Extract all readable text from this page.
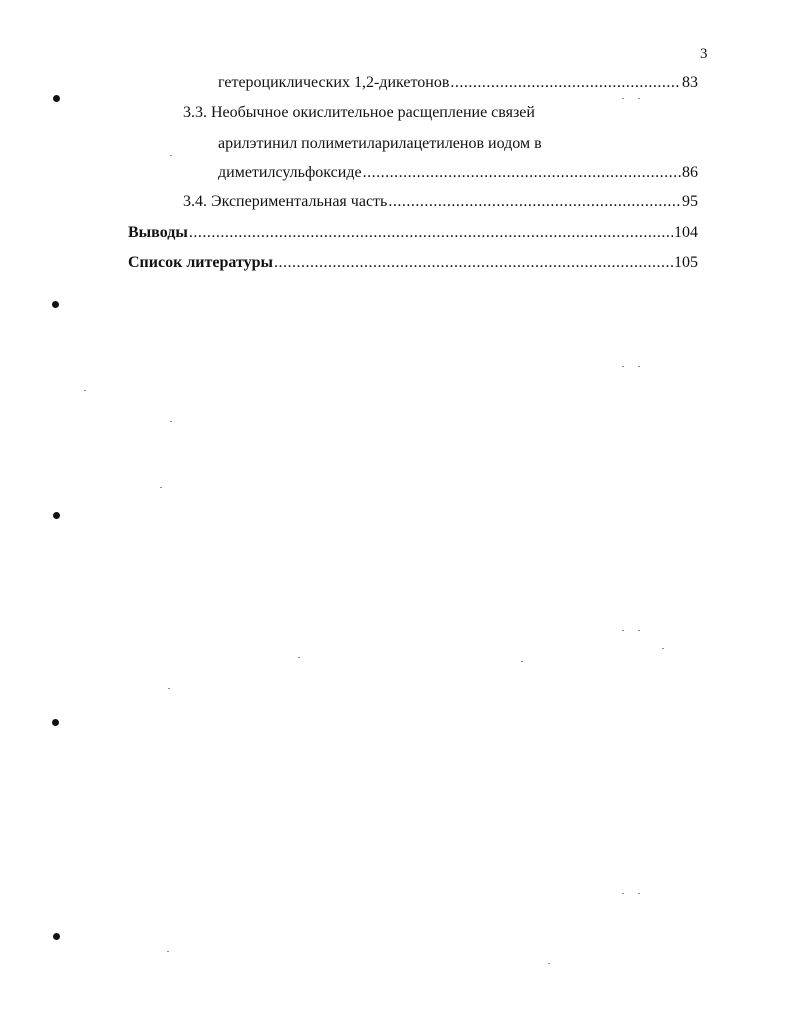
3
гетероциклических 1,2-дикетонов .....	83
3.3. Необычное окислительное расщепление связей
арилэтинил полиметиларилацетиленов иодом в
диметилсульфоксиде .....	86
3.4. Экспериментальная часть .....	95
Выводы .....	104
Список литературы .....	105
